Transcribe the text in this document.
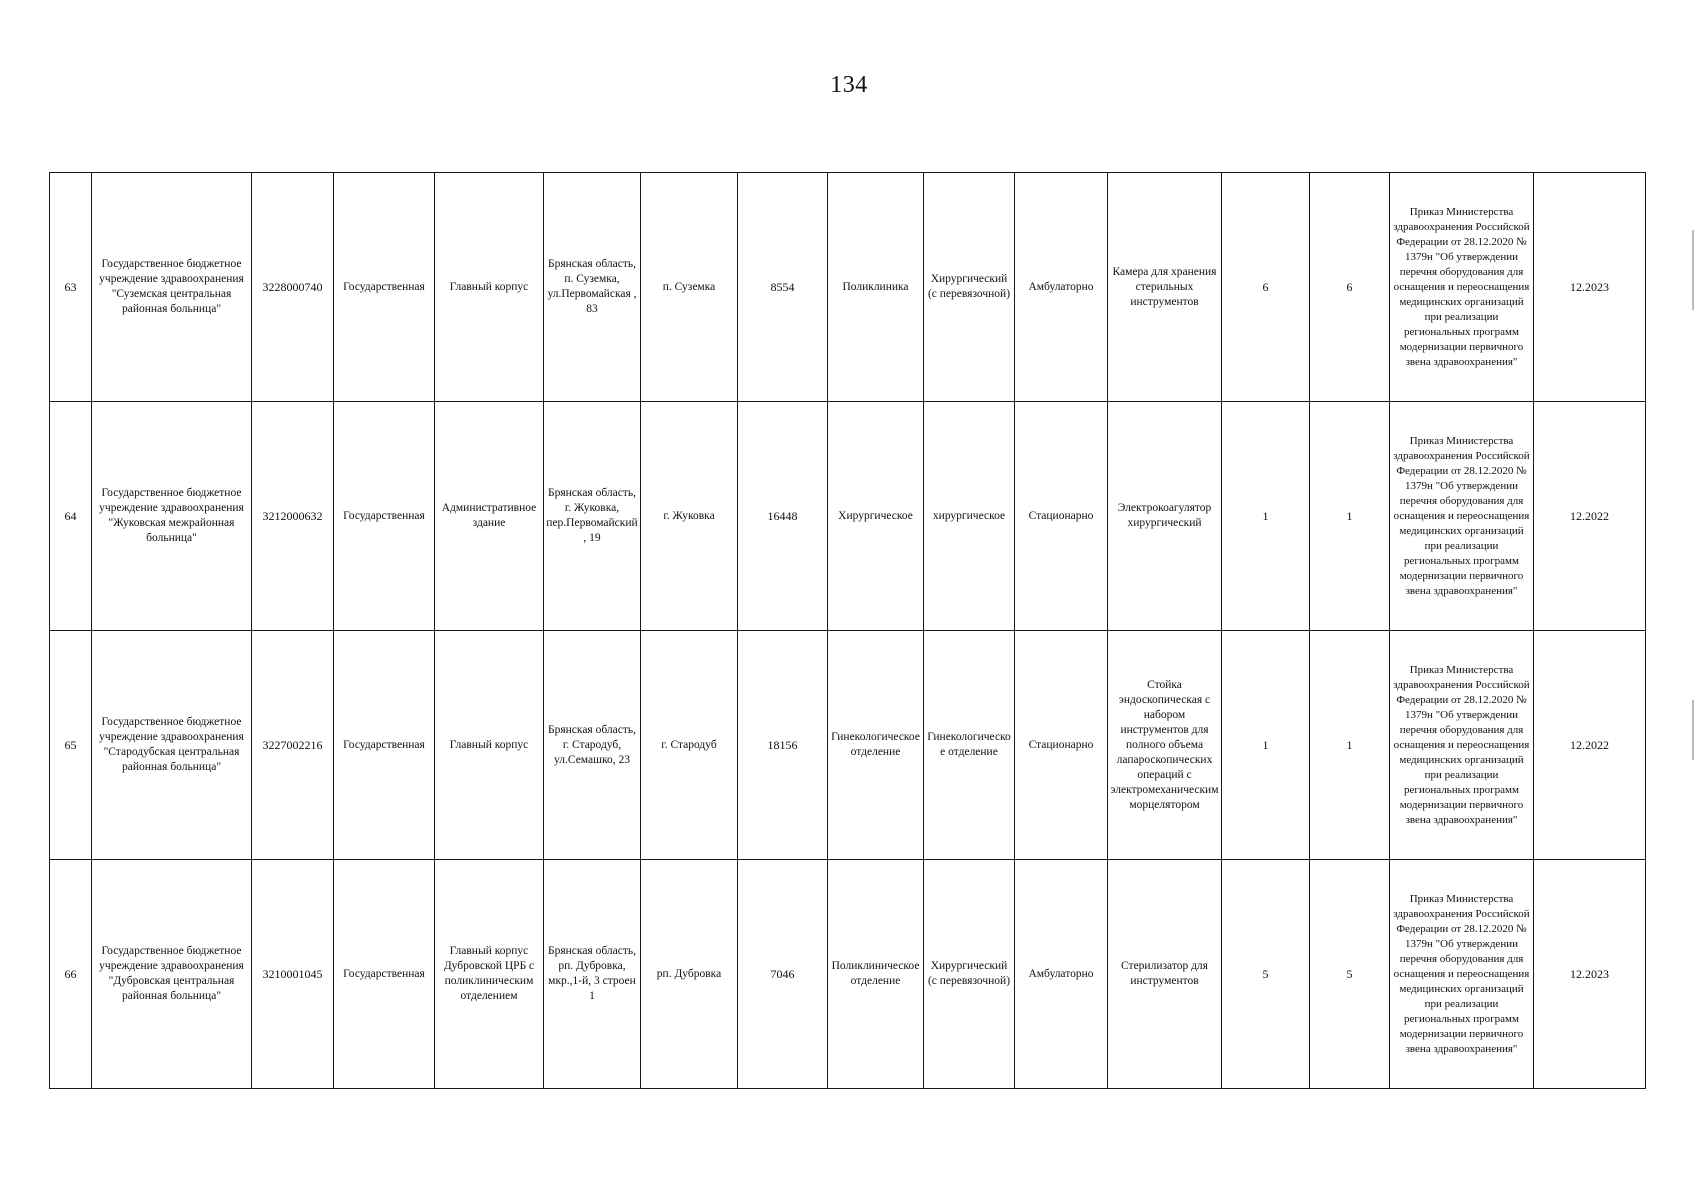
134
63	Государственное бюджетное учреждение здравоохранения "Суземская центральная районная больница"	3228000740	Государственная	Главный корпус	Брянская область, п. Суземка, ул.Первомайская , 83	п. Суземка	8554	Поликлиника	Хирургический (с перевязочной)	Амбулаторно	Камера для хранения стерильных инструментов	6	6	Приказ Министерства здравоохранения Российской Федерации от 28.12.2020 № 1379н "Об утверждении перечня оборудования для оснащения и переоснащения медицинских организаций при реализации региональных программ модернизации первичного звена здравоохранения"	12.2023
64	Государственное бюджетное учреждение здравоохранения "Жуковская межрайонная больница"	3212000632	Государственная	Административное здание	Брянская область, г. Жуковка, пер.Первомайский, 19	г. Жуковка	16448	Хирургическое	хирургическое	Стационарно	Электрокоагулятор хирургический	1	1	Приказ Министерства здравоохранения Российской Федерации от 28.12.2020 № 1379н "Об утверждении перечня оборудования для оснащения и переоснащения медицинских организаций при реализации региональных программ модернизации первичного звена здравоохранения"	12.2022
65	Государственное бюджетное учреждение здравоохранения "Стародубская центральная районная больница"	3227002216	Государственная	Главный корпус	Брянская область, г. Стародуб, ул.Семашко, 23	г. Стародуб	18156	Гинекологическое отделение	Гинекологическое отделение	Стационарно	Стойка эндоскопическая с набором инструментов для полного объема лапароскопических операций с электромеханическим морцелятором	1	1	Приказ Министерства здравоохранения Российской Федерации от 28.12.2020 № 1379н "Об утверждении перечня оборудования для оснащения и переоснащения медицинских организаций при реализации региональных программ модернизации первичного звена здравоохранения"	12.2022
66	Государственное бюджетное учреждение здравоохранения "Дубровская центральная районная больница"	3210001045	Государственная	Главный корпус Дубровской ЦРБ с поликлиническим отделением	Брянская область, рп. Дубровка, мкр.,1-й, 3 строен 1	рп. Дубровка	7046	Поликлиническое отделение	Хирургический (с перевязочной)	Амбулаторно	Стерилизатор для инструментов	5	5	Приказ Министерства здравоохранения Российской Федерации от 28.12.2020 № 1379н "Об утверждении перечня оборудования для оснащения и переоснащения медицинских организаций при реализации региональных программ модернизации первичного звена здравоохранения"	12.2023
